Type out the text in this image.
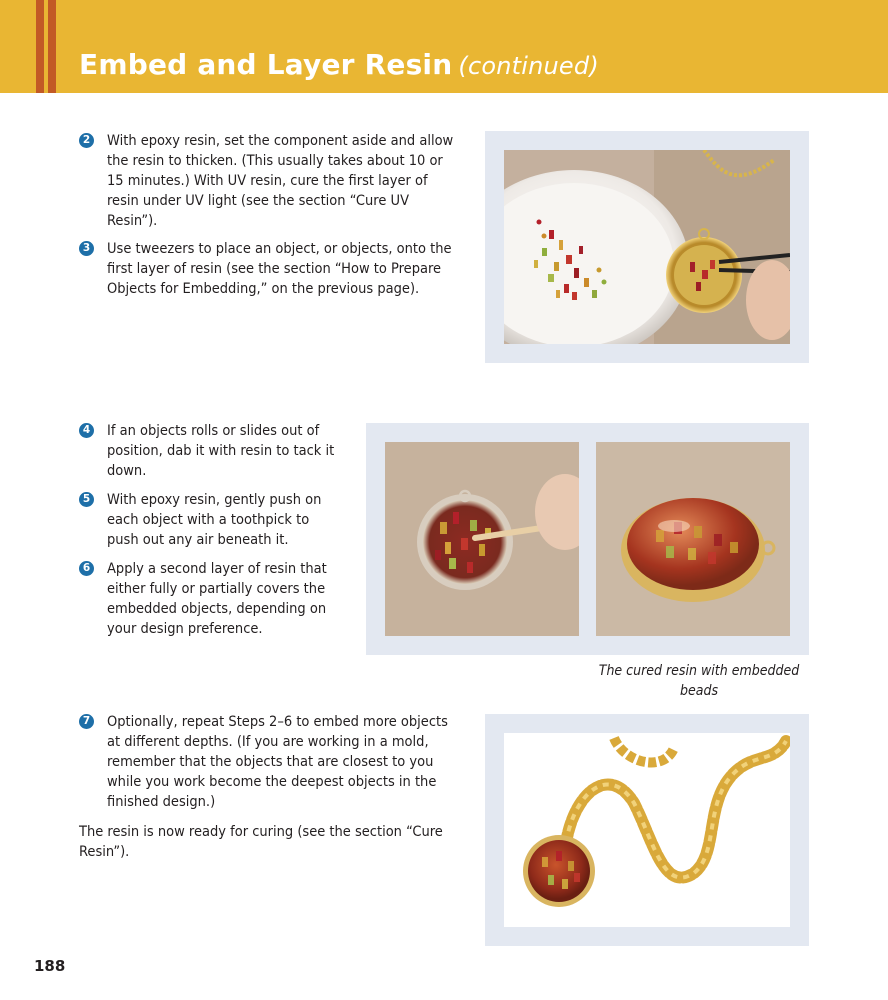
Embed and Layer Resin (continued)
2 With epoxy resin, set the component aside and allow the resin to thicken. (This usually takes about 10 or 15 minutes.) With UV resin, cure the first layer of resin under UV light (see the section “Cure UV Resin”).
3 Use tweezers to place an object, or objects, onto the first layer of resin (see the section “How to Prepare Objects for Embedding,” on the previous page).
4 If an objects rolls or slides out of position, dab it with resin to tack it down.
5 With epoxy resin, gently push on each object with a toothpick to push out any air beneath it.
6 Apply a second layer of resin that either fully or partially covers the embedded objects, depending on your design preference.
The cured resin with embedded beads
7 Optionally, repeat Steps 2–6 to embed more objects at different depths. (If you are working in a mold, remember that the objects that are closest to you while you work become the deepest objects in the finished design.)
The resin is now ready for curing (see the section “Cure Resin”).
188
